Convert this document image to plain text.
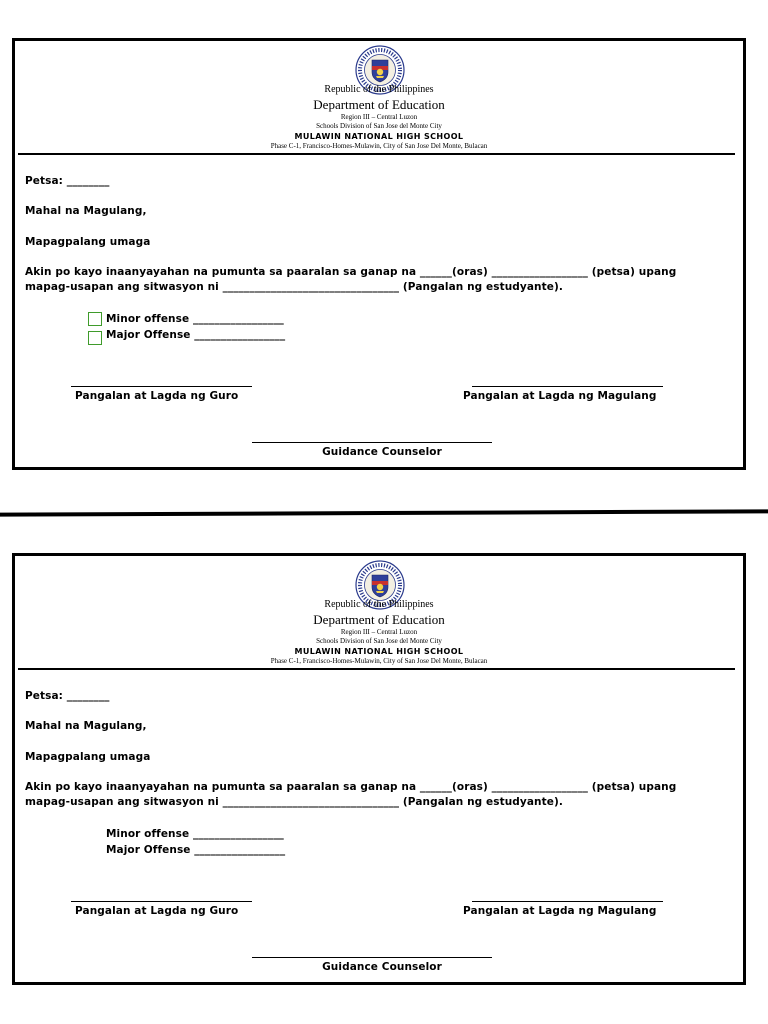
Republic of the Philippines
Department of Education
Region III – Central Luzon
Schools Division of San Jose del Monte City
MULAWIN NATIONAL HIGH SCHOOL
Phase C-1, Francisco-Homes-Mulawin, City of San Jose Del Monte, Bulacan
Petsa: ________
Mahal na Magulang,
Mapagpalang umaga
Akin po kayo inaanyayahan na pumunta sa paaralan sa ganap na ______(oras) __________________ (petsa) upang
mapag-usapan ang sitwasyon ni _________________________________ (Pangalan ng estudyante).
Minor offense _________________
Major Offense _________________
Pangalan at Lagda ng Guro	Pangalan at Lagda ng Magulang
Guidance Counselor
Republic of the Philippines
Department of Education
Region III – Central Luzon
Schools Division of San Jose del Monte City
MULAWIN NATIONAL HIGH SCHOOL
Phase C-1, Francisco-Homes-Mulawin, City of San Jose Del Monte, Bulacan
Petsa: ________
Mahal na Magulang,
Mapagpalang umaga
Akin po kayo inaanyayahan na pumunta sa paaralan sa ganap na ______(oras) __________________ (petsa) upang
mapag-usapan ang sitwasyon ni _________________________________ (Pangalan ng estudyante).
Minor offense _________________
Major Offense _________________
Pangalan at Lagda ng Guro	Pangalan at Lagda ng Magulang
Guidance Counselor
